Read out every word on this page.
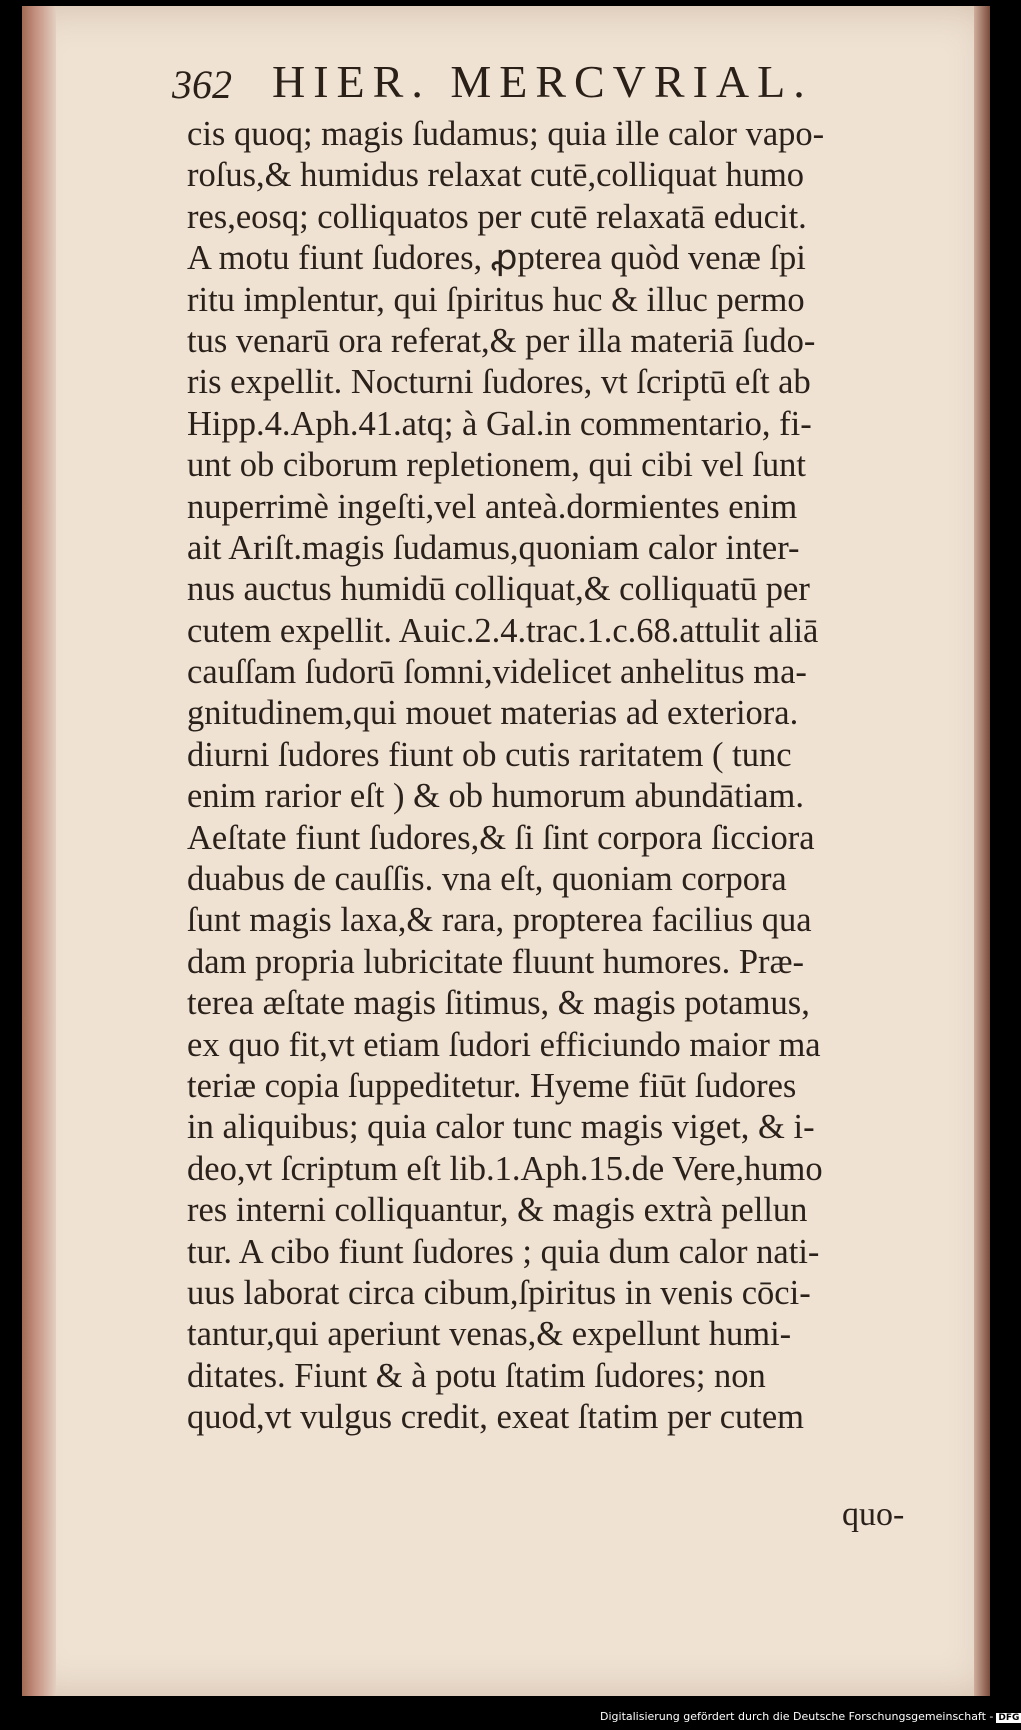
362 HIER. MERCVRIAL.
cis quoq; magis ſudamus; quia ille calor vapo-
roſus,& humidus relaxat cutē,colliquat humo
res,eosq; colliquatos per cutē relaxatā educit.
A motu fiunt ſudores, ꝓpterea quòd venæ ſpi
ritu implentur, qui ſpiritus huc & illuc permo
tus venarū ora referat,& per illa materiā ſudo-
ris expellit. Nocturni ſudores, vt ſcriptū eſt ab
Hipp.4.Aph.41.atq; à Gal.in commentario, fi-
unt ob ciborum repletionem, qui cibi vel ſunt
nuperrimè ingeſti,vel anteà.dormientes enim
ait Ariſt.magis ſudamus,quoniam calor inter-
nus auctus humidū colliquat,& colliquatū per
cutem expellit. Auic.2.4.trac.1.c.68.attulit aliā
cauſſam ſudorū ſomni,videlicet anhelitus ma-
gnitudinem,qui mouet materias ad exteriora.
diurni ſudores fiunt ob cutis raritatem ( tunc
enim rarior eſt ) & ob humorum abundātiam.
Aeſtate fiunt ſudores,& ſi ſint corpora ſicciora
duabus de cauſſis. vna eſt, quoniam corpora
ſunt magis laxa,& rara, propterea facilius qua
dam propria lubricitate fluunt humores. Præ-
terea æſtate magis ſitimus, & magis potamus,
ex quo fit,vt etiam ſudori efficiundo maior ma
teriæ copia ſuppeditetur. Hyeme fiūt ſudores
in aliquibus; quia calor tunc magis viget, & i-
deo,vt ſcriptum eſt lib.1.Aph.15.de Vere,humo
res interni colliquantur, & magis extrà pellun
tur. A cibo fiunt ſudores ; quia dum calor nati-
uus laborat circa cibum,ſpiritus in venis cōci-
tantur,qui aperiunt venas,& expellunt humi-
ditates. Fiunt & à potu ſtatim ſudores; non
quod,vt vulgus credit, exeat ſtatim per cutem
quo-
Digitalisierung gefördert durch die Deutsche Forschungsgemeinschaft - DFG
